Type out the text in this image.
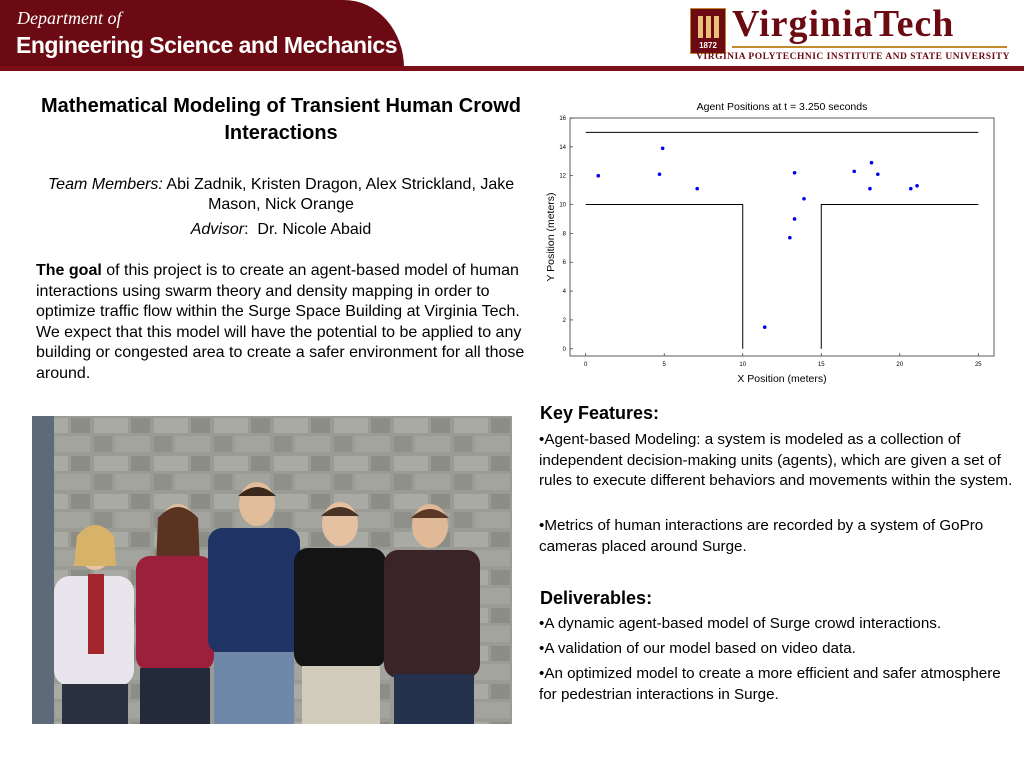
Department of
Engineering Science and Mechanics	1872
VirginiaTech
VIRGINIA POLYTECHNIC INSTITUTE AND STATE UNIVERSITY
Mathematical Modeling of Transient Human Crowd Interactions
Team Members: Abi Zadnik, Kristen Dragon, Alex Strickland, Jake Mason, Nick Orange
Advisor:  Dr. Nicole Abaid
The goal of this project is to create an agent-based model of human interactions using swarm theory and density mapping in order to optimize traffic flow within the Surge Space Building at Virginia Tech. We expect that this model will have the potential to be applied to any building or congested area to create a safer environment for all those around.
Agent Positions at t = 3.250 seconds
X Position (meters)
Y Position (meters)
0	5	10	15	20	25
0
2
4
6
8
10
12
14
16
Key Features:
•Agent-based Modeling: a system is modeled as a collection of independent decision-making units (agents), which are given a set of rules to execute different behaviors and movements within the system.
•Metrics of human interactions are recorded by a system of GoPro cameras placed around Surge.
Deliverables:
•A dynamic agent-based model of Surge crowd interactions.
•A validation of our model based on video data.
•An optimized model to create a more efficient and safer atmosphere for pedestrian interactions in Surge.
